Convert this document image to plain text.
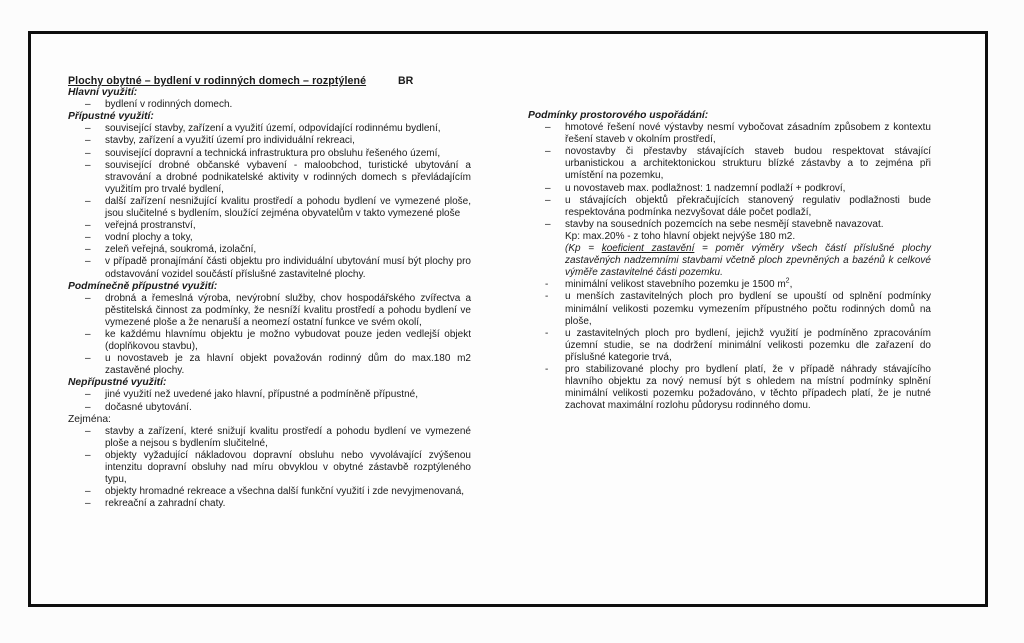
Plochy obytné – bydlení v rodinných domech – rozptýlené	BR
Hlavní využití:
– bydlení v rodinných domech.
Přípustné využití:
– související stavby, zařízení a využití území, odpovídající rodinnému bydlení,
– stavby, zařízení a využití území pro individuální rekreaci,
– související dopravní a technická infrastruktura pro obsluhu řešeného území,
– související drobné občanské vybavení - maloobchod, turistické ubytování a stravování a drobné podnikatelské aktivity v rodinných domech s převládajícím využitím pro trvalé bydlení,
– další zařízení nesnižující kvalitu prostředí a pohodu bydlení ve vymezené ploše, jsou slučitelné s bydlením, sloužící zejména obyvatelům v takto vymezené ploše
– veřejná prostranství,
– vodní plochy a toky,
– zeleň veřejná, soukromá, izolační,
– v případě pronajímání části objektu pro individuální ubytování musí být plochy pro odstavování vozidel součástí příslušné zastavitelné plochy.
Podmínečně přípustné využití:
– drobná a řemeslná výroba, nevýrobní služby, chov hospodářského zvířectva a pěstitelská činnost za podmínky, že nesníží kvalitu prostředí a pohodu bydlení ve vymezené ploše a že nenaruší a neomezí ostatní funkce ve svém okolí,
– ke každému hlavnímu objektu je možno vybudovat pouze jeden vedlejší objekt (doplňkovou stavbu),
– u novostaveb je za hlavní objekt považován rodinný dům do max.180 m2 zastavěné plochy.
Nepřípustné využití:
– jiné využití než uvedené jako hlavní, přípustné a podmíněně přípustné,
– dočasné ubytování.
Zejména:
– stavby a zařízení, které snižují kvalitu prostředí a pohodu bydlení ve vymezené ploše a nejsou s bydlením slučitelné,
– objekty vyžadující nákladovou dopravní obsluhu nebo vyvolávající zvýšenou intenzitu dopravní obsluhy nad míru obvyklou v obytné zástavbě rozptýleného typu,
– objekty hromadné rekreace a všechna další funkční využití i zde nevyjmenovaná,
– rekreační a zahradní chaty.
Podmínky prostorového uspořádání:
– hmotové řešení nové výstavby nesmí vybočovat zásadním způsobem z kontextu řešení staveb v okolním prostředí,
– novostavby či přestavby stávajících staveb budou respektovat stávající urbanistickou a architektonickou strukturu blízké zástavby a to zejména při umístění na pozemku,
– u novostaveb max. podlažnost: 1 nadzemní podlaží + podkroví,
– u stávajících objektů překračujících stanovený regulativ podlažnosti bude respektována podmínka nezvyšovat dále počet podlaží,
– stavby na sousedních pozemcích na sebe nesmějí stavebně navazovat.
Kp: max.20% - z toho hlavní objekt nejvýše 180 m2.
(Kp = koeficient zastavění = poměr výměry všech částí příslušné plochy zastavěných nadzemními stavbami včetně ploch zpevněných a bazénů k celkové výměře zastavitelné části pozemku.
- minimální velikost stavebního pozemku je 1500 $m^2$,
- u menších zastavitelných ploch pro bydlení se upouští od splnění podmínky minimální velikosti pozemku vymezením přípustného počtu rodinných domů na ploše,
- u zastavitelných ploch pro bydlení, jejichž využití je podmíněno zpracováním územní studie, se na dodržení minimální velikosti pozemku dle zařazení do příslušné kategorie trvá,
- pro stabilizované plochy pro bydlení platí, že v případě náhrady stávajícího hlavního objektu za nový nemusí být s ohledem na místní podmínky splnění minimální velikosti pozemku požadováno, v těchto případech platí, že je nutné zachovat maximální rozlohu půdorysu rodinného domu.
